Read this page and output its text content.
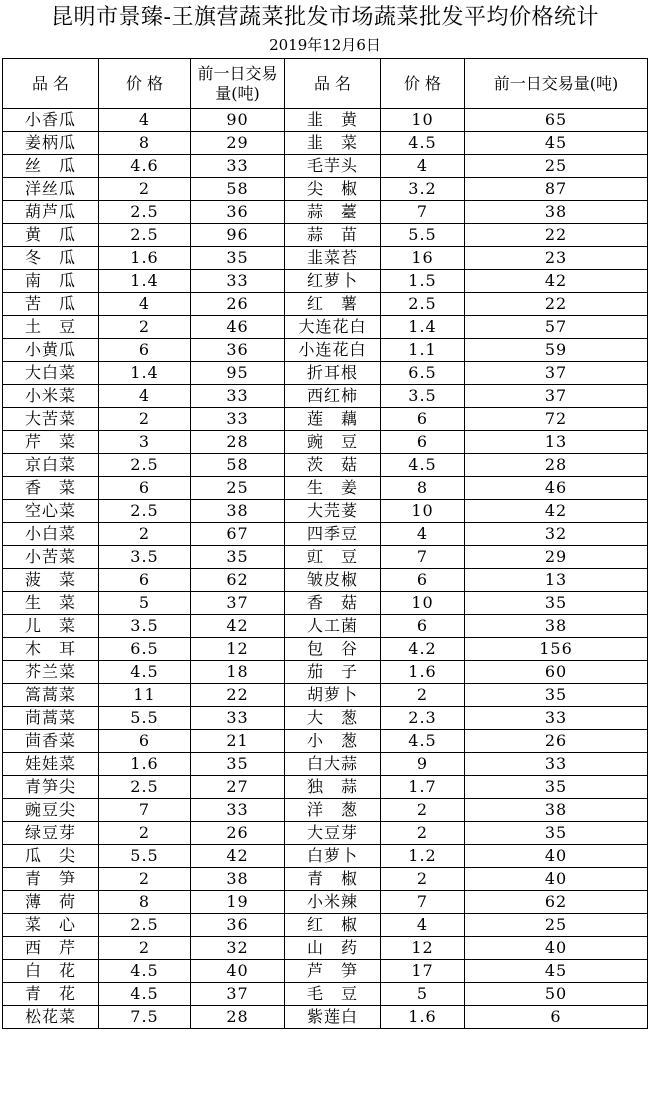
昆明市景臻-王旗营蔬菜批发市场蔬菜批发平均价格统计
2019年12月6日
品 名	价 格	前一日交易量(吨)	品 名	价 格	前一日交易量(吨)
小香瓜	4	90	韭　黄	10	65
姜柄瓜	8	29	韭　菜	4.5	45
丝　瓜	4.6	33	毛芋头	4	25
洋丝瓜	2	58	尖　椒	3.2	87
葫芦瓜	2.5	36	蒜　薹	7	38
黄　瓜	2.5	96	蒜　苗	5.5	22
冬　瓜	1.6	35	韭菜苔	16	23
南　瓜	1.4	33	红萝卜	1.5	42
苦　瓜	4	26	红　薯	2.5	22
土　豆	2	46	大连花白	1.4	57
小黄瓜	6	36	小连花白	1.1	59
大白菜	1.4	95	折耳根	6.5	37
小米菜	4	33	西红柿	3.5	37
大苦菜	2	33	莲　藕	6	72
芹　菜	3	28	豌　豆	6	13
京白菜	2.5	58	茨　菇	4.5	28
香　菜	6	25	生　姜	8	46
空心菜	2.5	38	大芫荽	10	42
小白菜	2	67	四季豆	4	32
小苦菜	3.5	35	豇　豆	7	29
菠　菜	6	62	皱皮椒	6	13
生　菜	5	37	香　菇	10	35
儿　菜	3.5	42	人工菌	6	38
木　耳	6.5	12	包　谷	4.2	156
芥兰菜	4.5	18	茄　子	1.6	60
篙蒿菜	11	22	胡萝卜	2	35
茼蒿菜	5.5	33	大　葱	2.3	33
茴香菜	6	21	小　葱	4.5	26
娃娃菜	1.6	35	白大蒜	9	33
青笋尖	2.5	27	独　蒜	1.7	35
豌豆尖	7	33	洋　葱	2	38
绿豆芽	2	26	大豆芽	2	35
瓜　尖	5.5	42	白萝卜	1.2	40
青　笋	2	38	青　椒	2	40
薄　荷	8	19	小米辣	7	62
菜　心	2.5	36	红　椒	4	25
西　芹	2	32	山　药	12	40
白　花	4.5	40	芦　笋	17	45
青　花	4.5	37	毛　豆	5	50
松花菜	7.5	28	紫莲白	1.6	6
